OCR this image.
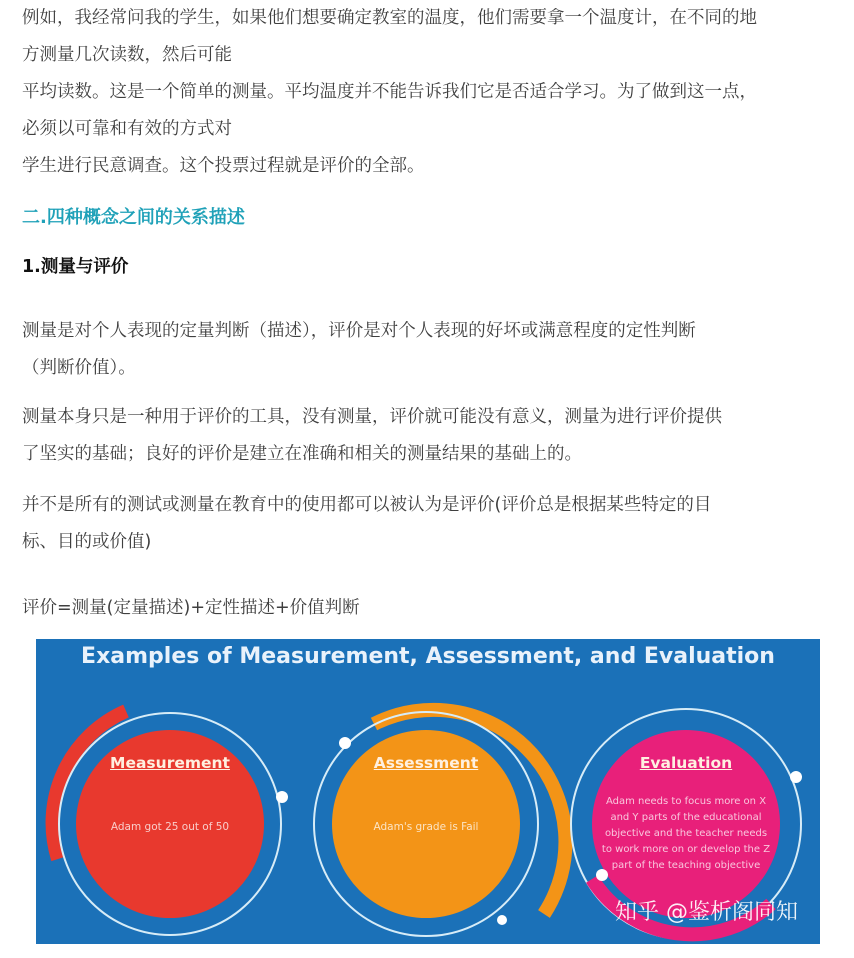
例如，我经常问我的学生，如果他们想要确定教室的温度，他们需要拿一个温度计，在不同的地
方测量几次读数，然后可能
平均读数。这是一个简单的测量。平均温度并不能告诉我们它是否适合学习。为了做到这一点，
必须以可靠和有效的方式对
学生进行民意调查。这个投票过程就是评价的全部。

二.四种概念之间的关系描述
1.测量与评价

测量是对个人表现的定量判断（描述），评价是对个人表现的好坏或满意程度的定性判断
（判断价值）。

测量本身只是一种用于评价的工具，没有测量，评价就可能没有意义，测量为进行评价提供
了坚实的基础；良好的评价是建立在准确和相关的测量结果的基础上的。

并不是所有的测试或测量在教育中的使用都可以被认为是评价(评价总是根据某些特定的目
标、目的或价值)

评价=测量(定量描述)+定性描述+价值判断

Examples of Measurement, Assessment, and Evaluation
Measurement
Adam got 25 out of 50
Assessment
Adam's grade is Fail
Evaluation
Adam needs to focus more on X and Y parts of the educational objective and the teacher needs to work more on or develop the Z part of the teaching objective
知乎 @鉴析阁同知
